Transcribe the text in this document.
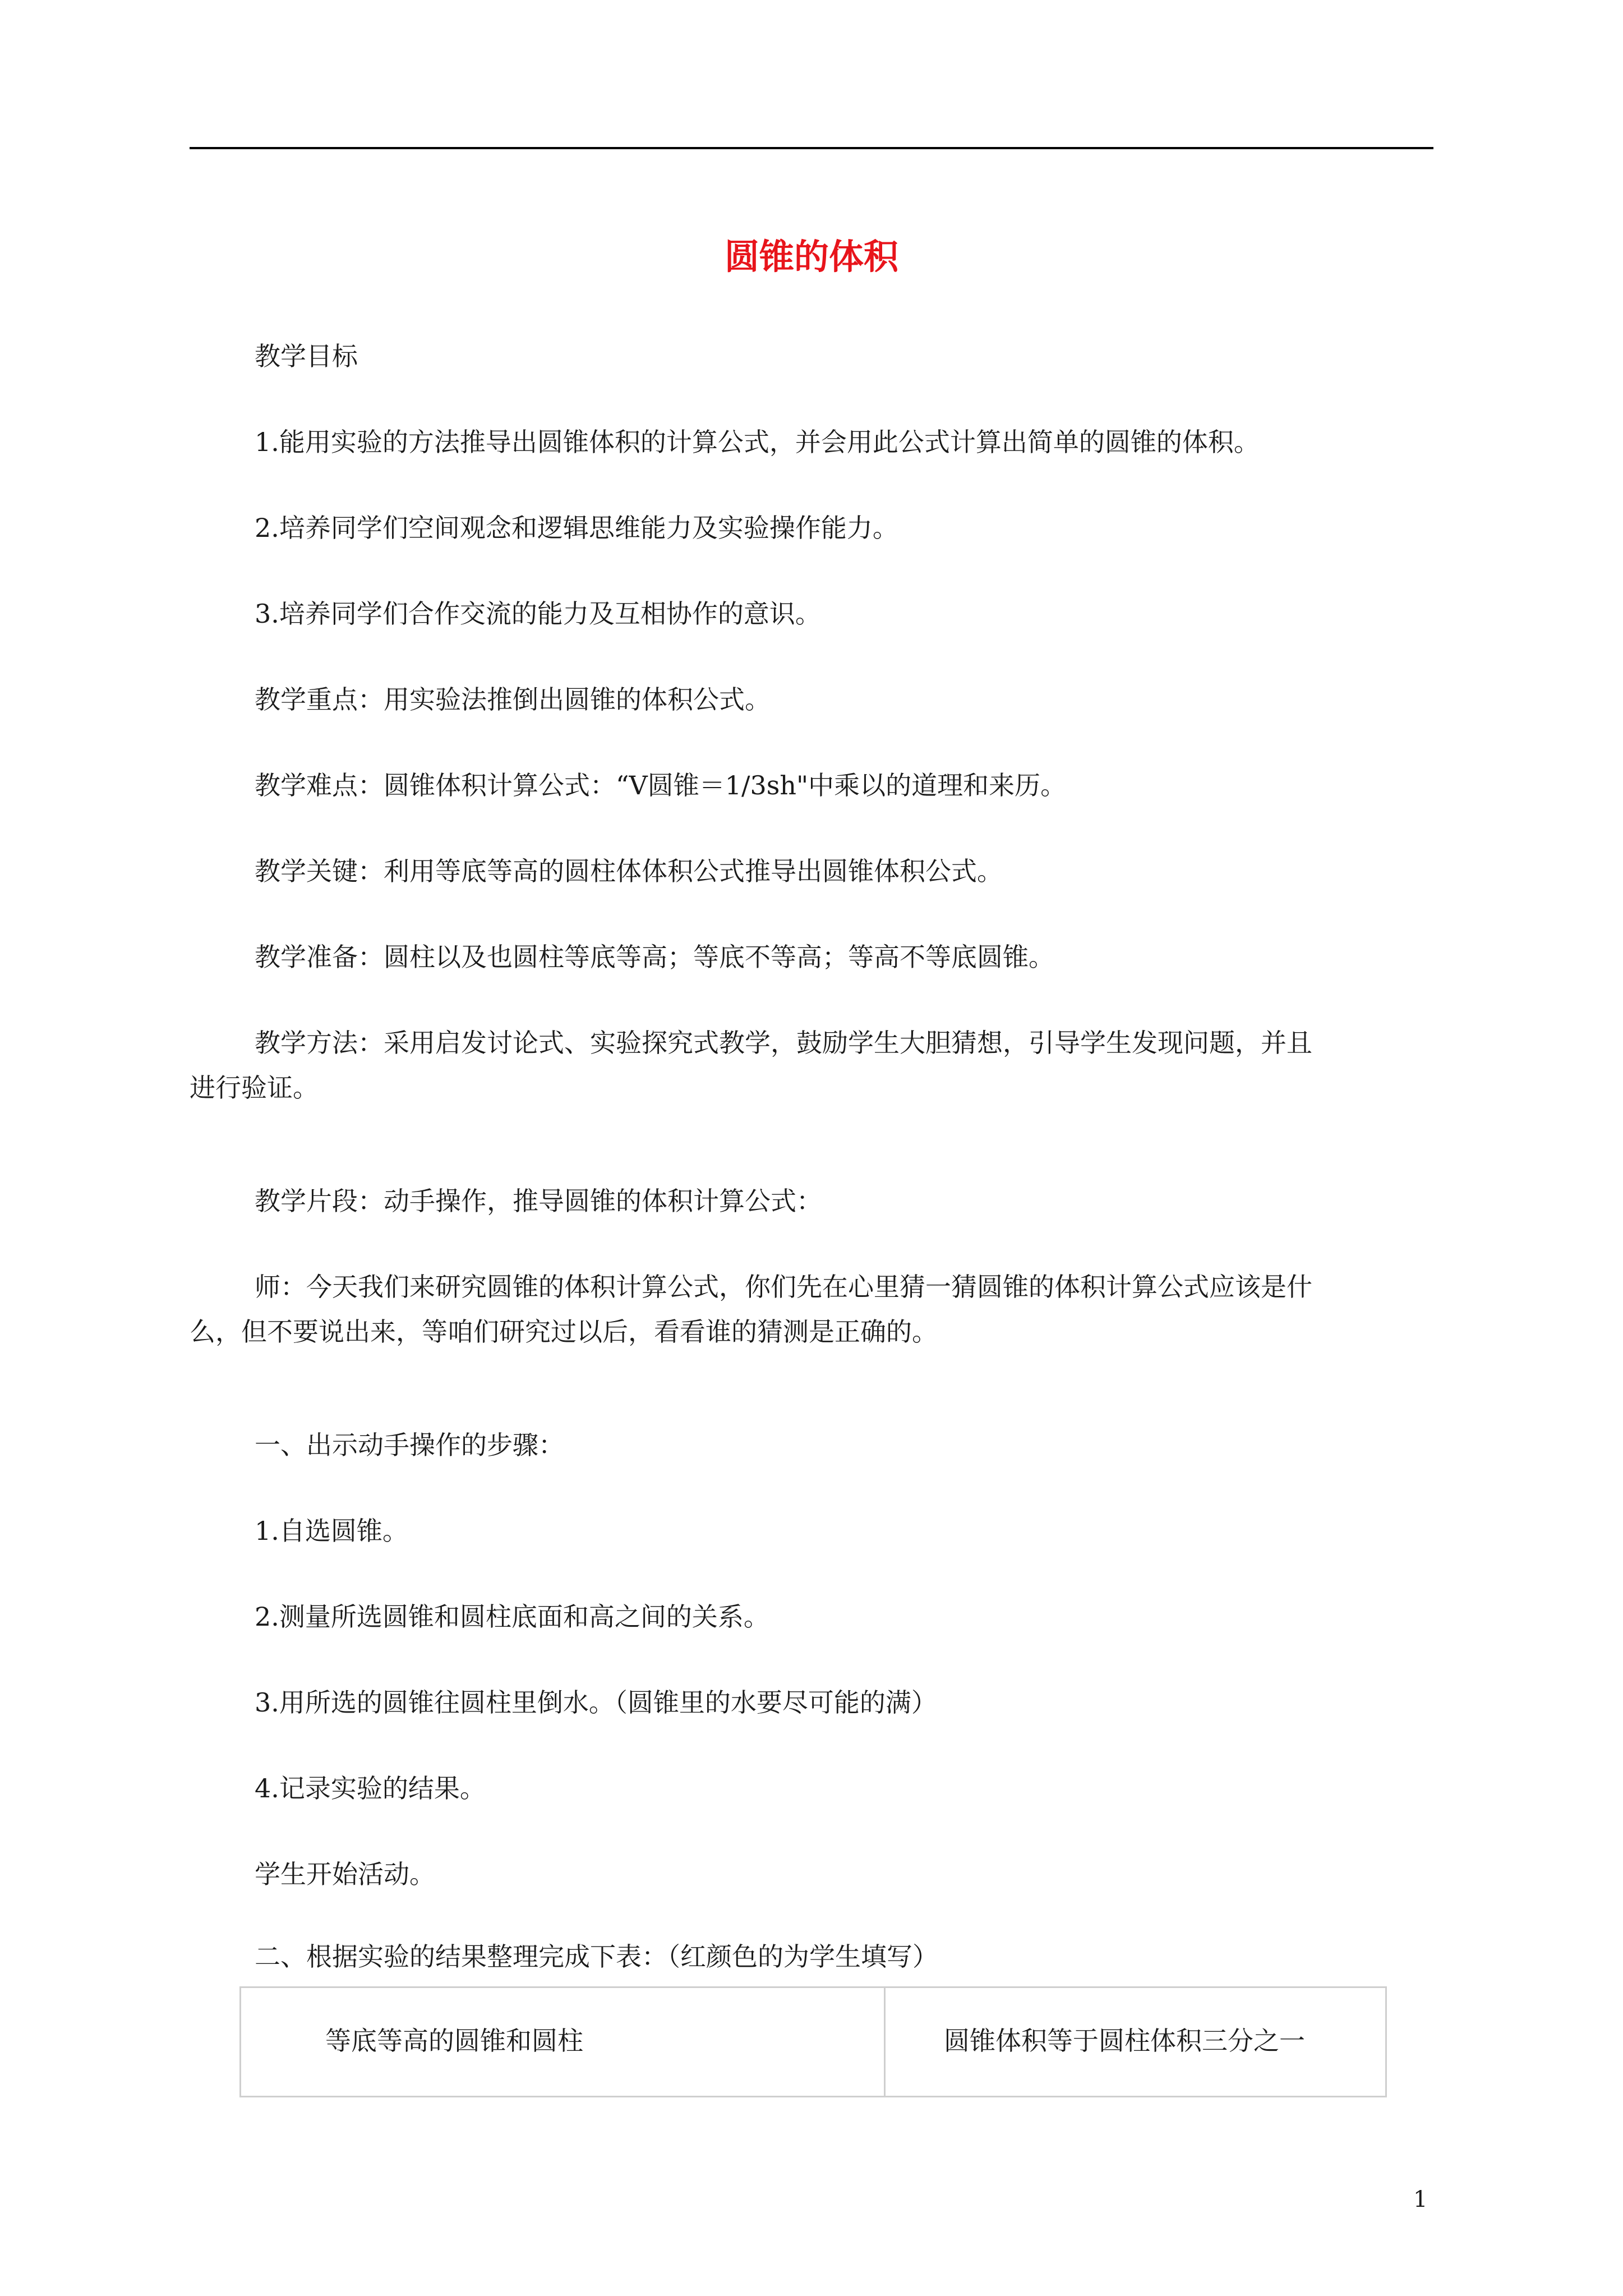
圆锥的体积
教学目标
1.能用实验的方法推导出圆锥体积的计算公式，并会用此公式计算出简单的圆锥的体积。
2.培养同学们空间观念和逻辑思维能力及实验操作能力。
3.培养同学们合作交流的能力及互相协作的意识。
教学重点：用实验法推倒出圆锥的体积公式。
教学难点：圆锥体积计算公式：“V圆锥＝1/3sh"中乘以的道理和来历。
教学关键：利用等底等高的圆柱体体积公式推导出圆锥体积公式。
教学准备：圆柱以及也圆柱等底等高；等底不等高；等高不等底圆锥。
教学方法：采用启发讨论式、实验探究式教学，鼓励学生大胆猜想，引导学生发现问题，并且
进行验证。
教学片段：动手操作，推导圆锥的体积计算公式：
师：今天我们来研究圆锥的体积计算公式，你们先在心里猜一猜圆锥的体积计算公式应该是什
么，但不要说出来，等咱们研究过以后，看看谁的猜测是正确的。
一、出示动手操作的步骤：
1.自选圆锥。
2.测量所选圆锥和圆柱底面和高之间的关系。
3.用所选的圆锥往圆柱里倒水。（圆锥里的水要尽可能的满）
4.记录实验的结果。
学生开始活动。
二、根据实验的结果整理完成下表：（红颜色的为学生填写）
等底等高的圆锥和圆柱	圆锥体积等于圆柱体积三分之一
1
